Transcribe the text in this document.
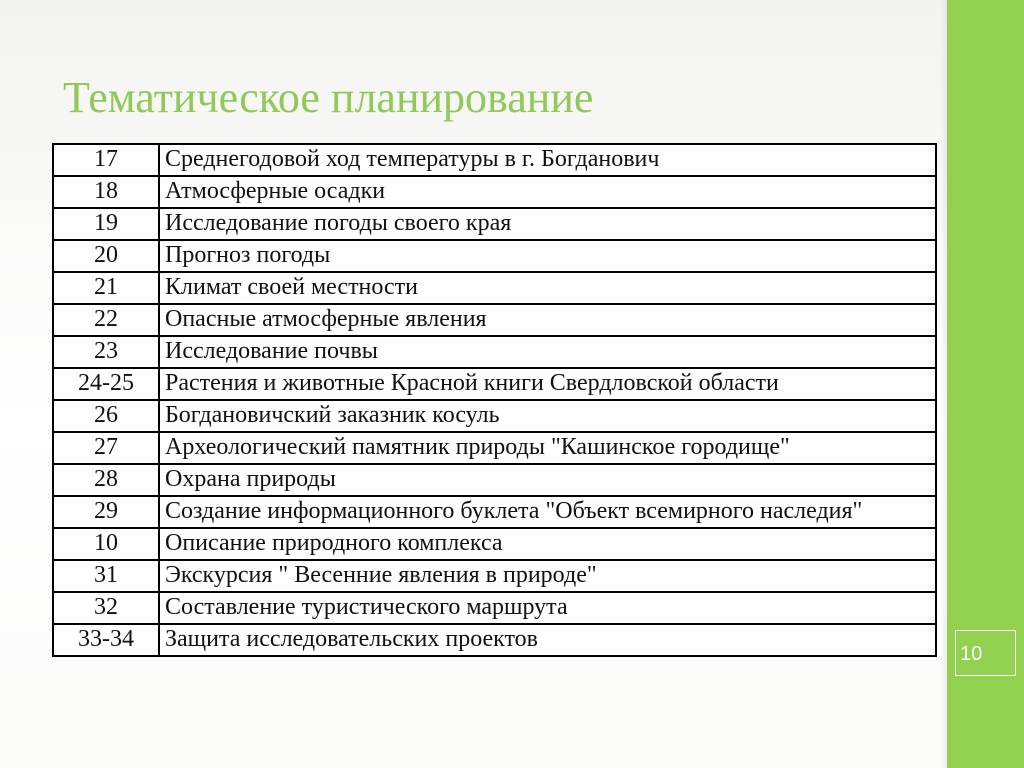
10
Тематическое планирование
17	Среднегодовой ход температуры в г. Богданович
18	Атмосферные осадки
19	Исследование погоды своего края
20	Прогноз погоды
21	Климат своей местности
22	Опасные атмосферные явления
23	Исследование почвы
24-25	Растения и животные Красной книги Свердловской области
26	Богдановичский заказник косуль
27	Археологический памятник природы "Кашинское городище"
28	Охрана природы
29	Создание информационного буклета "Объект всемирного наследия"
10	Описание природного комплекса
31	Экскурсия " Весенние явления в природе"
32	Составление туристического маршрута
33-34	Защита исследовательских проектов
